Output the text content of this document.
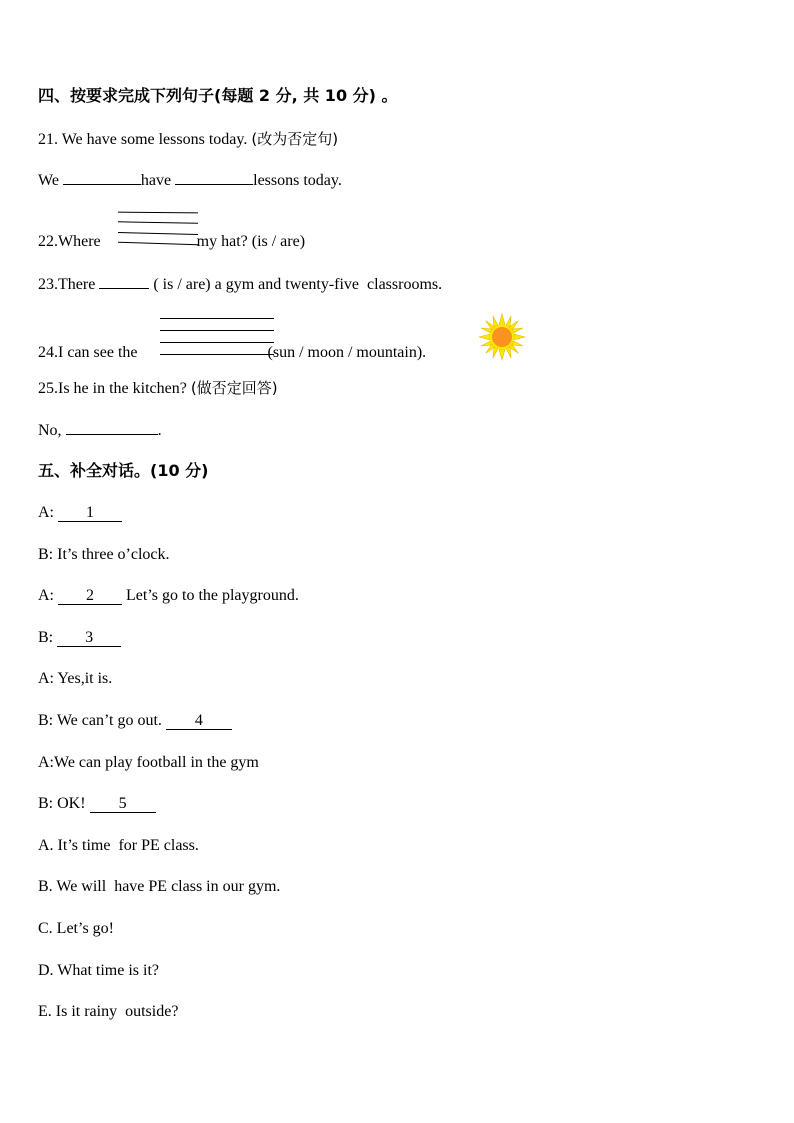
四、按要求完成下列句子(每题 2 分, 共 10 分) 。
21. We have some lessons today. (改为否定句)
We	have	lessons today.
22.Where	my hat? (is / are)
23.There	( is / are) a gym and twenty-five  classrooms.
24.I can see the	(sun / moon / mountain).
25.Is he in the kitchen? (做否定回答)
No,	.
五、补全对话。(10 分)
A: 1
B: It’s three o’clock.
A: 2 Let’s go to the playground.
B: 3
A: Yes,it is.
B: We can’t go out. 4
A:We can play football in the gym
B: OK! 5
A. It’s time  for PE class.
B. We will  have PE class in our gym.
C. Let’s go!
D. What time is it?
E. Is it rainy  outside?
